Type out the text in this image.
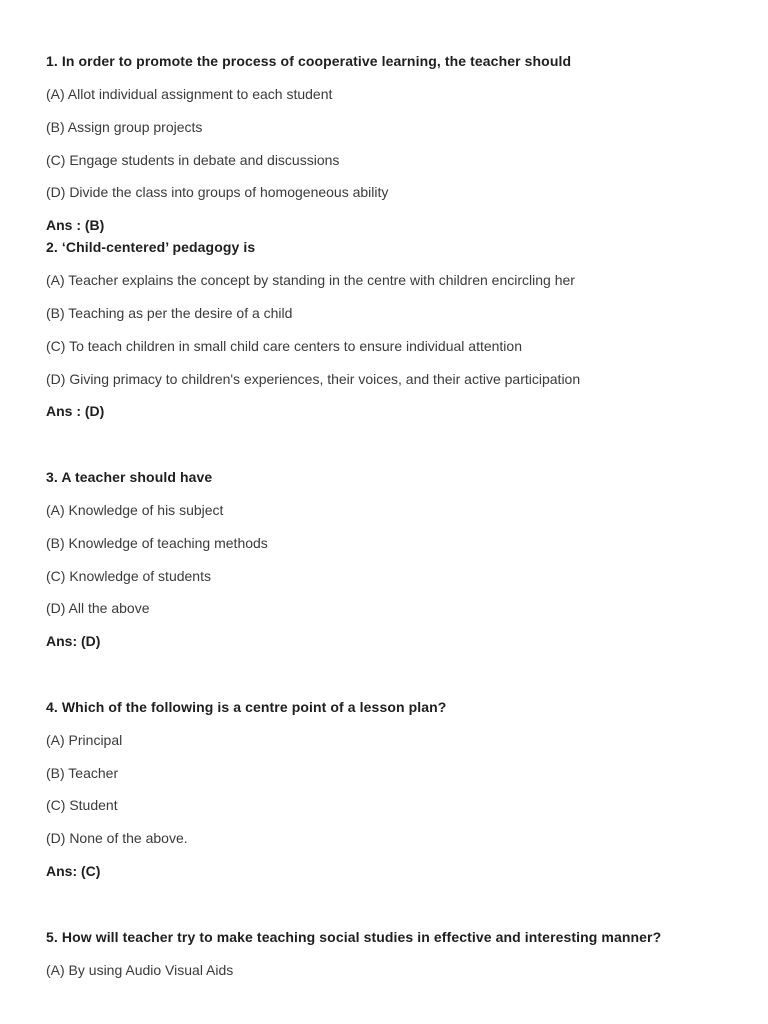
1. In order to promote the process of cooperative learning, the teacher should
(A) Allot individual assignment to each student
(B) Assign group projects
(C) Engage students in debate and discussions
(D) Divide the class into groups of homogeneous ability
Ans : (B)
2. ‘Child-centered’ pedagogy is
(A) Teacher explains the concept by standing in the centre with children encircling her
(B) Teaching as per the desire of a child
(C) To teach children in small child care centers to ensure individual attention
(D) Giving primacy to children's experiences, their voices, and their active participation
Ans : (D)
3. A teacher should have
(A) Knowledge of his subject
(B) Knowledge of teaching methods
(C) Knowledge of students
(D) All the above
Ans: (D)
4. Which of the following is a centre point of a lesson plan?
(A) Principal
(B) Teacher
(C) Student
(D) None of the above.
Ans: (C)
5. How will teacher try to make teaching social studies in effective and interesting manner?
(A) By using Audio Visual Aids
